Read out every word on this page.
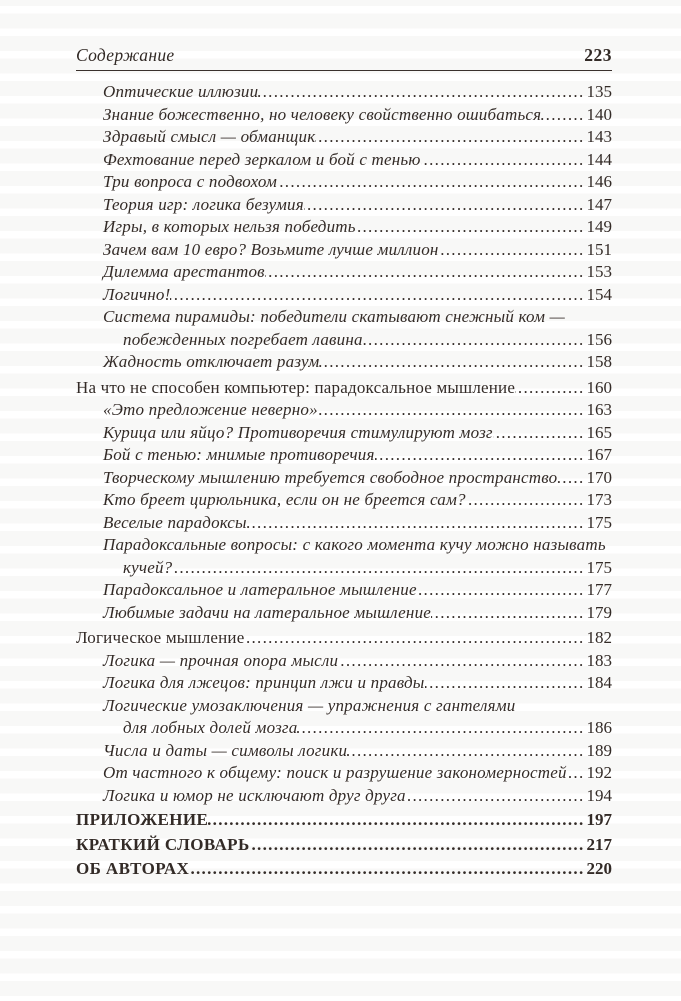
Содержание	223
Оптические иллюзии .....	135
Знание божественно, но человеку свойственно ошибаться .....	140
Здравый смысл — обманщик .....	143
Фехтование перед зеркалом и бой с тенью .....	144
Три вопроса с подвохом .....	146
Теория игр: логика безумия .....	147
Игры, в которых нельзя победить .....	149
Зачем вам 10 евро? Возьмите лучше миллион .....	151
Дилемма арестантов .....	153
Логично! .....	154
Система пирамиды: победители скатывают снежный ком —
побежденных погребает лавина .....	156
Жадность отключает разум .....	158
На что не способен компьютер: парадоксальное мышление .....	160
«Это предложение неверно» .....	163
Курица или яйцо? Противоречия стимулируют мозг .....	165
Бой с тенью: мнимые противоречия .....	167
Творческому мышлению требуется свободное пространство ..... 170
Кто бреет цирюльника, если он не бреется сам? .....	173
Веселые парадоксы .....	175
Парадоксальные вопросы: с какого момента кучу можно называть
кучей? .....	175
Парадоксальное и латеральное мышление .....	177
Любимые задачи на латеральное мышление .....	179
Логическое мышление .....	182
Логика — прочная опора мысли .....	183
Логика для лжецов: принцип лжи и правды .....	184
Логические умозаключения — упражнения с гантелями
для лобных долей мозга .....	186
Числа и даты — символы логики .....	189
От частного к общему: поиск и разрушение закономерностей ..... 192
Логика и юмор не исключают друг друга .....	194
ПРИЛОЖЕНИЕ .....	197
КРАТКИЙ СЛОВАРЬ .....	217
ОБ АВТОРАХ .....	220
